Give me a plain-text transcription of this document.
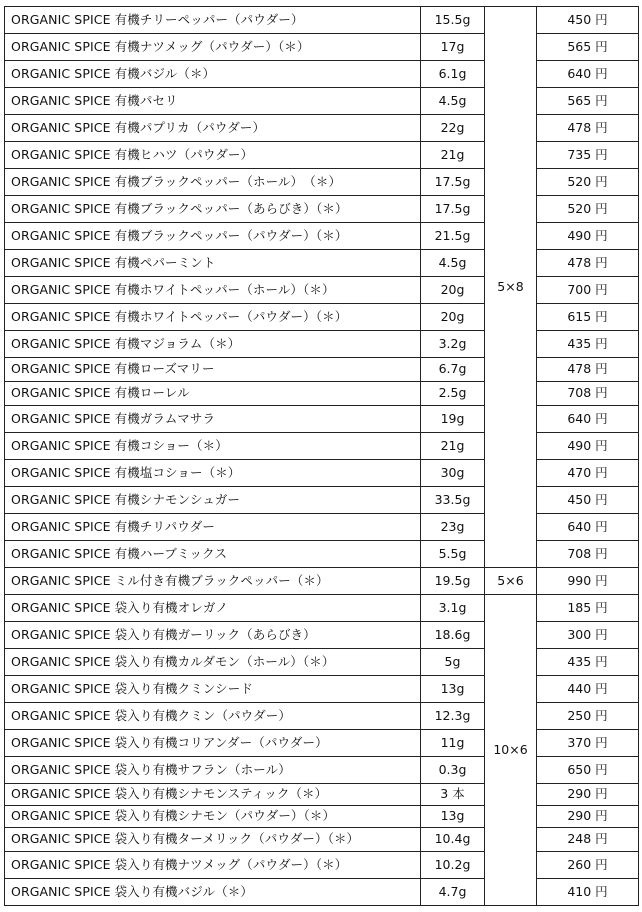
ORGANIC SPICE 有機チリーペッパー（パウダー）	15.5g	5×8	450 円
ORGANIC SPICE 有機ナツメッグ（パウダー）（＊）	17g		565 円
ORGANIC SPICE 有機バジル（＊）	6.1g		640 円
ORGANIC SPICE 有機パセリ	4.5g		565 円
ORGANIC SPICE 有機パプリカ（パウダー）	22g		478 円
ORGANIC SPICE 有機ヒハツ（パウダー）	21g		735 円
ORGANIC SPICE 有機ブラックペッパー（ホール）　（＊）	17.5g		520 円
ORGANIC SPICE 有機ブラックペッパー（あらびき）（＊）	17.5g		520 円
ORGANIC SPICE 有機ブラックペッパー（パウダー）（＊）	21.5g		490 円
ORGANIC SPICE 有機ペパーミント	4.5g		478 円
ORGANIC SPICE 有機ホワイトペッパー（ホール）（＊）	20g		700 円
ORGANIC SPICE 有機ホワイトペッパー（パウダー）（＊）	20g		615 円
ORGANIC SPICE 有機マジョラム（＊）	3.2g		435 円
ORGANIC SPICE 有機ローズマリー	6.7g		478 円
ORGANIC SPICE 有機ローレル	2.5g		708 円
ORGANIC SPICE 有機ガラムマサラ	19g		640 円
ORGANIC SPICE 有機コショー（＊）	21g		490 円
ORGANIC SPICE 有機塩コショー（＊）	30g		470 円
ORGANIC SPICE 有機シナモンシュガー	33.5g		450 円
ORGANIC SPICE 有機チリパウダー	23g		640 円
ORGANIC SPICE 有機ハーブミックス	5.5g		708 円
ORGANIC SPICE ミル付き有機ブラックペッパー（＊）	19.5g	5×6	990 円
ORGANIC SPICE 袋入り有機オレガノ	3.1g	10×6	185 円
ORGANIC SPICE 袋入り有機ガーリック（あらびき）	18.6g		300 円
ORGANIC SPICE 袋入り有機カルダモン（ホール）（＊）	5g		435 円
ORGANIC SPICE 袋入り有機クミンシード	13g		440 円
ORGANIC SPICE 袋入り有機クミン（パウダー）	12.3g		250 円
ORGANIC SPICE 袋入り有機コリアンダー（パウダー）	11g		370 円
ORGANIC SPICE 袋入り有機サフラン（ホール）	0.3g		650 円
ORGANIC SPICE 袋入り有機シナモンスティック（＊）	3 本		290 円
ORGANIC SPICE 袋入り有機シナモン（パウダー）（＊）	13g		290 円
ORGANIC SPICE 袋入り有機ターメリック（パウダー）（＊）	10.4g		248 円
ORGANIC SPICE 袋入り有機ナツメッグ（パウダー）（＊）	10.2g		260 円
ORGANIC SPICE 袋入り有機バジル（＊）	4.7g		410 円
